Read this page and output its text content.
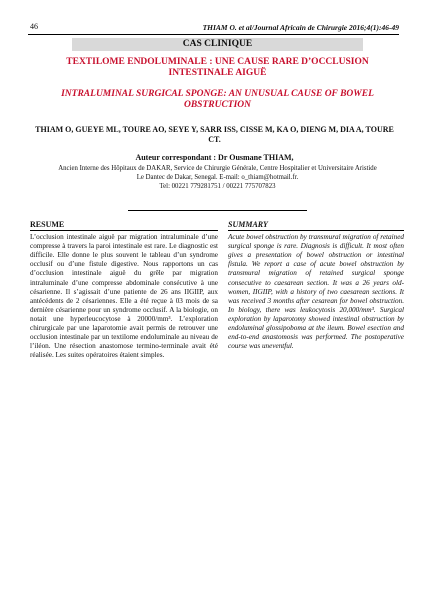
46	THIAM O. et al/Journal Africain de Chirurgie 2016;4(1):46-49
CAS CLINIQUE
TEXTILOME ENDOLUMINALE : UNE CAUSE RARE D’OCCLUSION INTESTINALE AIGUË
INTRALUMINAL SURGICAL SPONGE: AN UNUSUAL CAUSE OF BOWEL OBSTRUCTION
THIAM O, GUEYE ML, TOURE AO, SEYE Y, SARR ISS, CISSE M, KA O, DIENG M, DIA A, TOURE CT.
Auteur correspondant : Dr Ousmane THIAM,
Ancien Interne des Hôpitaux de DAKAR, Service de Chirurgie Générale, Centre Hospitalier et Universitaire Aristide
Le Dantec de Dakar, Senegal. E-mail: o_thiam@hotmail.fr.
Tel: 00221 779281751 / 00221 775707823
RESUME

L’occlusion intestinale aiguë par migration intraluminale d’une compresse à travers la paroi intestinale est rare. Le diagnostic est difficile. Elle donne le plus souvent le tableau d’un syndrome occlusif ou d’une fistule digestive. Nous rapportons un cas d’occlusion intestinale aiguë du grêle par migration intraluminale d’une compresse abdominale consécutive à une césarienne. Il s’agissait d’une patiente de 26 ans IIGIIP, aux antécédents de 2 césariennes. Elle a été reçue à 03 mois de sa dernière césarienne pour un syndrome occlusif. A la biologie, on notait une hyperleucocytose à 20000/mm³. L’exploration chirurgicale par une laparotomie avait permis de retrouver une occlusion intestinale par un textilome endoluminale au niveau de l’iléon. Une résection anastomose termino-terminale avait été réalisée. Les suites opératoires étaient simples.

SUMMARY

Acute bowel obstruction by transmural migration of retained surgical sponge is rare. Diagnosis is difficult. It most often gives a presentation of bowel obstruction or intestinal fistula. We report a case of acute bowel obstruction by transmural migration of retained surgical sponge consecutive to caesarean section. It was a 26 years old-women, IIGIIP, with a history of two caesarean sections. It was received 3 months after cesarean for bowel obstruction. In biology, there was leukocytosis 20,000/mm³. Surgical exploration by laparotomy showed intestinal obstruction by endoluminal glossipoboma at the ileum. Bowel esection and end-to-end anastomosis was performed. The postoperative course was uneventful.
